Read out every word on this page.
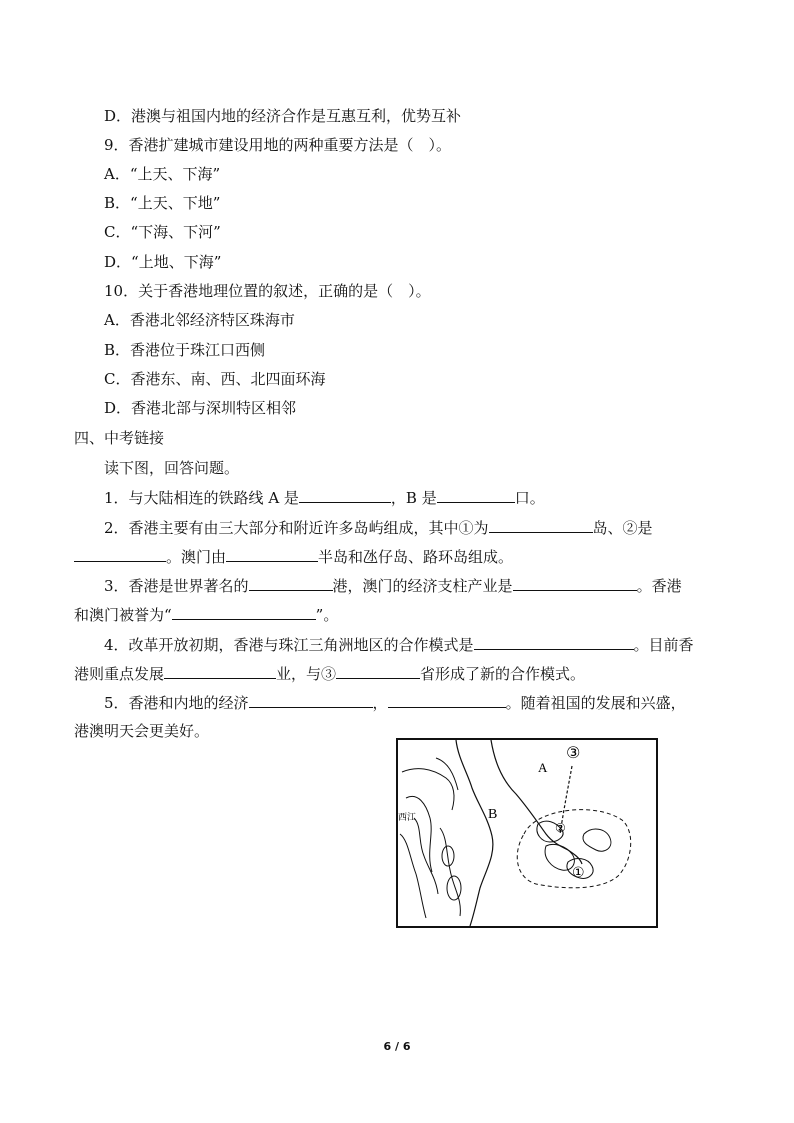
D．港澳与祖国内地的经济合作是互惠互利，优势互补
9．香港扩建城市建设用地的两种重要方法是（　）。
A．“上天、下海”
B．“上天、下地”
C．“下海、下河”
D．“上地、下海”
10．关于香港地理位置的叙述，正确的是（　）。
A．香港北邻经济特区珠海市
B．香港位于珠江口西侧
C．香港东、南、西、北四面环海
D．香港北部与深圳特区相邻
四、中考链接
读下图，回答问题。
1．与大陆相连的铁路线 A 是	，B 是	口。
2．香港主要有由三大部分和附近许多岛屿组成，其中①为	岛、②是
。澳门由	半岛和氹仔岛、路环岛组成。
3．香港是世界著名的	港，澳门的经济支柱产业是	。香港
和澳门被誉为“	”。
4．改革开放初期，香港与珠江三角洲地区的合作模式是	。目前香
港则重点发展	业，与③	省形成了新的合作模式。
5．香港和内地的经济	，	。随着祖国的发展和兴盛，
港澳明天会更美好。
A
B
③
②
①
西江
6 / 6
